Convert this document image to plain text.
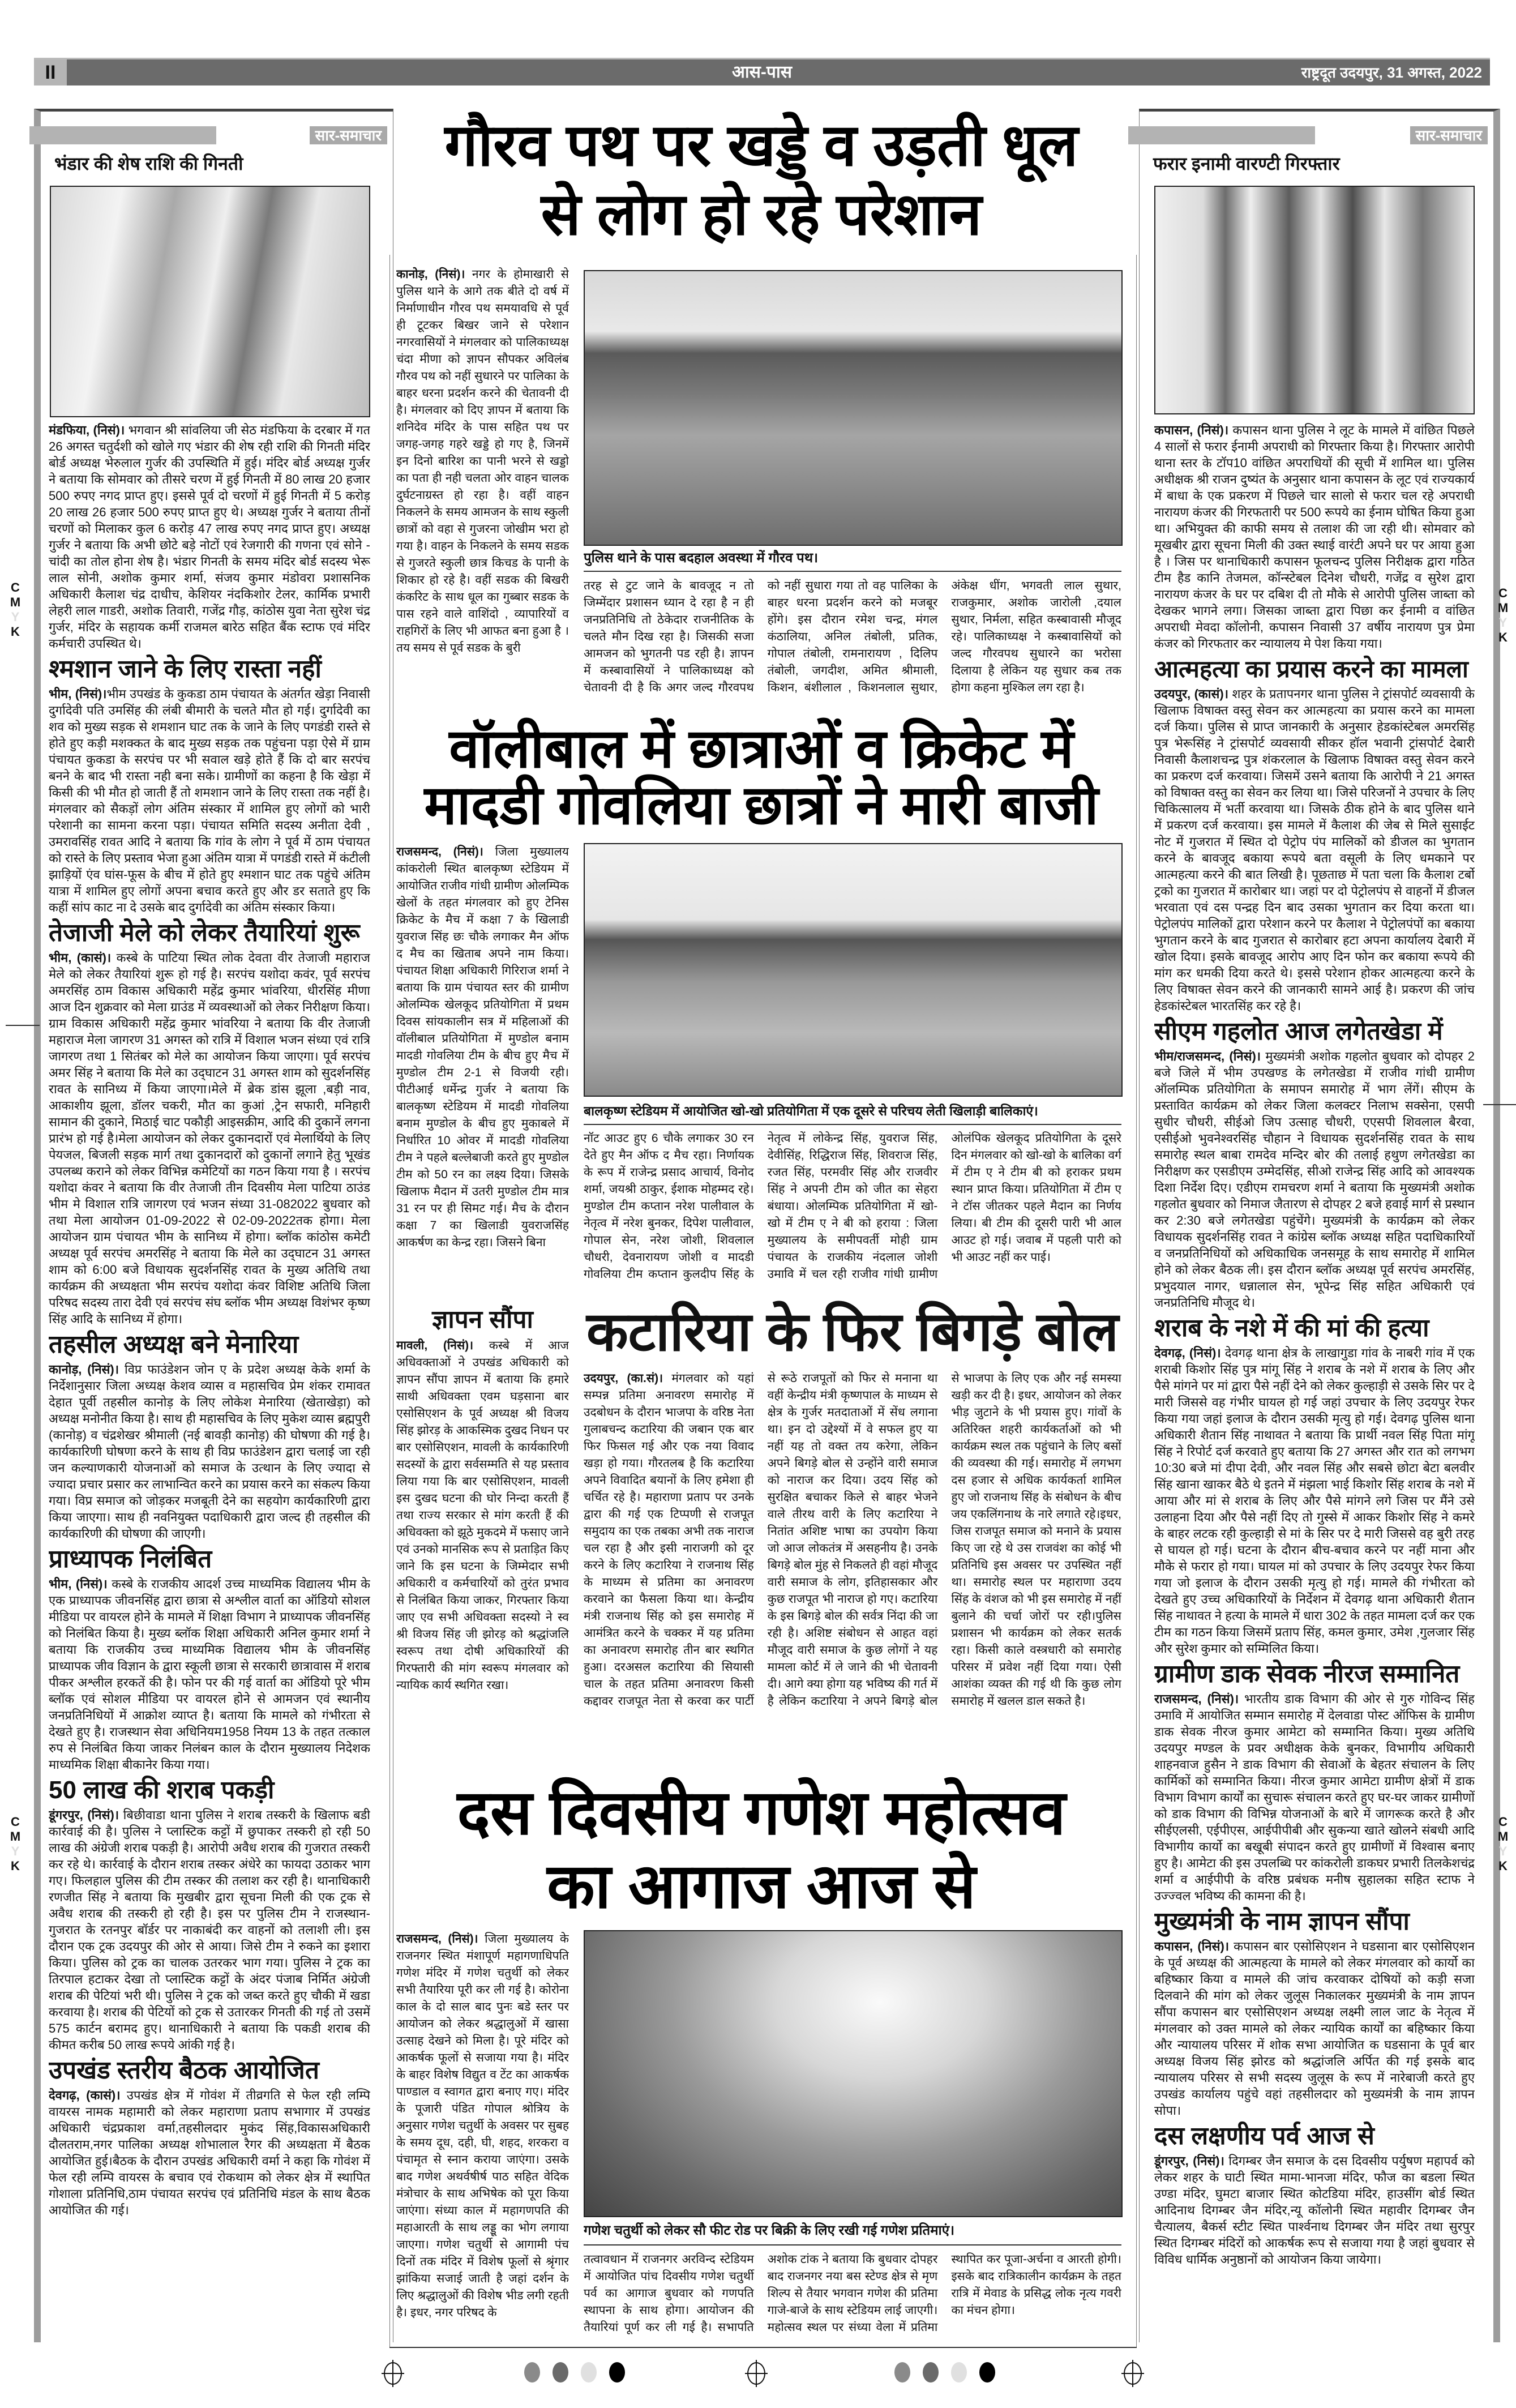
II	आस-पास	राष्ट्रदूत उदयपुर, 31 अगस्त, 2022
सार-समाचार
भंडार की शेष राशि की गिनती

मंडफिया, (निसं)। भगवान श्री सांवलिया जी सेठ मंडफिया के दरबार में गत 26 अगस्त चतुर्दशी को खोले गए भंडार की शेष रही राशि की गिनती मंदिर बोर्ड अध्यक्ष भेरुलाल गुर्जर की उपस्थिति में हुई। मंदिर बोर्ड अध्यक्ष गुर्जर ने बताया कि सोमवार को तीसरे चरण में हुई गिनती में 80 लाख 20 हजार 500 रुपए नगद प्राप्त हुए। इससे पूर्व दो चरणों में हुई गिनती में 5 करोड़ 20 लाख 26 हजार 500 रुपए प्राप्त हुए थे। अध्यक्ष गुर्जर ने बताया तीनों चरणों को मिलाकर कुल 6 करोड़ 47 लाख रुपए नगद प्राप्त हुए। अध्यक्ष गुर्जर ने बताया कि अभी छोटे बड़े नोटों एवं रेजगारी की गणना एवं सोने - चांदी का तोल होना शेष है। भंडार गिनती के समय मंदिर बोर्ड सदस्य भेरू लाल सोनी, अशोक कुमार शर्मा, संजय कुमार मंडोवरा प्रशासनिक अधिकारी कैलाश चंद्र दाधीच, केशियर नंदकिशोर टेलर, कार्मिक प्रभारी लेहरी लाल गाडरी, अशोक तिवारी, गजेंद्र गौड़, कांठोस युवा नेता सुरेश चंद्र गुर्जर, मंदिर के सहायक कर्मी राजमल बारेठ सहित बैंक स्टाफ एवं मंदिर कर्मचारी उपस्थित थे।

श्मशान जाने के लिए रास्ता नहीं

भीम, (निसं)।भीम उपखंड के कुकडा ठाम पंचायत के अंतर्गत खेड़ा निवासी दुर्गादेवी पति उमसिंह की लंबी बीमारी के चलते मौत हो गई। दुर्गादेवी का शव को मुख्य सड़क से शमशान घाट तक के जाने के लिए पगडंडी रास्ते से होते हुए कड़ी मशक्कत के बाद मुख्य सड़क तक पहुंचना पड़ा ऐसे में ग्राम पंचायत कुकडा के सरपंच पर भी सवाल खड़े होते हैं कि दो बार सरपंच बनने के बाद भी रास्ता नही बना सके। ग्रामीणों का कहना है कि खेड़ा में किसी की भी मौत हो जाती हैं तो शमशान जाने के लिए रास्ता तक नहीं है।मंगलवार को सैकड़ों लोग अंतिम संस्कार में शामिल हुए लोगों को भारी परेशानी का सामना करना पड़ा। पंचायत समिति सदस्य अनीता देवी , उमरावसिंह रावत आदि ने बताया कि गांव के लोग ने पूर्व में ठाम पंचायत को रास्ते के लिए प्रस्ताव भेजा हुआ अंतिम यात्रा में पगडंडी रास्ते में कंटीली झाड़ियों एंव घांस-फूस के बीच में होते हुए श्मशान घाट तक पहुंचे अंतिम यात्रा में शामिल हुए लोगों अपना बचाव करते हुए और डर सताते हुए कि कहीं सांप काट ना दे उसके बाद दुर्गादेवी का अंतिम संस्कार किया।

तेजाजी मेले को लेकर तैयारियां शुरू

भीम, (कासं)। कस्बे के पाटिया स्थित लोक देवता वीर तेजाजी महाराज मेले को लेकर तैयारियां शुरू हो गई है। सरपंच यशोदा कवंर, पूर्व सरपंच अमरसिंह ठाम विकास अधिकारी महेंद्र कुमार भांवरिया, धीरसिंह मीणा आज दिन शुक्रवार को मेला ग्राउंड में व्यवस्थाओं को लेकर निरीक्षण किया। ग्राम विकास अधिकारी महेंद्र कुमार भांवरिया ने बताया कि वीर तेजाजी महाराज मेला जागरण 31 अगस्त को रात्रि में विशाल भजन संध्या एवं रात्रि जागरण तथा 1 सितंबर को मेले का आयोजन किया जाएगा। पूर्व सरपंच अमर सिंह ने बताया कि मेले का उद्‌घाटन 31 अगस्त शाम को सुदर्शनसिंह रावत के सानिध्य में किया जाएगा।मेले में ब्रेक डांस झूला ,बड़ी नाव, आकाशीय झूला, डॉलर चकरी, मौत का कुआं ,ट्रेन सफारी, मनिहारी सामान की दुकाने, मिठाई चाट पकौड़ी आइसक्रीम, आदि की दुकानें लगना प्रारंभ हो गई है।मेला आयोजन को लेकर दुकानदारों एवं मेलार्थियो के लिए पेयजल, बिजली सड़क मार्ग तथा दुकानदारों को दुकानों लगाने हेतु भूखंड उपलब्ध कराने को लेकर विभिन्न कमेटियों का गठन किया गया है । सरपंच यशोदा कंवर ने बताया कि वीर तेजाजी तीन दिवसीय मेला पाटिया ठाउंड भीम मे विशाल रात्रि जागरण एवं भजन संध्या 31-082022 बुधवार को तथा मेला आयोजन 01-09-2022 से 02-09-2022तक होगा। मेला आयोजन ग्राम पंचायत भीम के सानिध्य में होगा। ब्लॉक कांठोस कमेटी अध्यक्ष पूर्व सरपंच अमरसिंह ने बताया कि मेले का उद्‌घाटन 31 अगस्त शाम को 6:00 बजे विधायक सुदर्शनसिंह रावत के मुख्य अतिथि तथा कार्यक्रम की अध्यक्षता भीम सरपंच यशोदा कंवर विशिष्ट अतिथि जिला परिषद सदस्य तारा देवी एवं सरपंच संघ ब्लॉक भीम अध्यक्ष विशंभर कृष्ण सिंह आदि के सानिध्य में होगा।

तहसील अध्यक्ष बने मेनारिया

कानोड़, (निसं)। विप्र फाउंडेशन जोन ए के प्रदेश अध्यक्ष केके शर्मा के निर्देशानुसार जिला अध्यक्ष केशव व्यास व महासचिव प्रेम शंकर रामावत देहात पूर्वी तहसील कानोड़ के लिए लोकेश मेनारिया (खेताखेड़ा) को अध्यक्ष मनोनीत किया है। साथ ही महासचिव के लिए मुकेश व्यास ब्रह्मपुरी (कानोड़) व चंद्रशेखर श्रीमाली (नई बावड़ी कानोड़) की घोषणा की गई है। कार्यकारिणी घोषणा करने के साथ ही विप्र फाउंडेशन द्वारा चलाई जा रही जन कल्याणकारी योजनाओं को समाज के उत्थान के लिए ज्यादा से ज्यादा प्रचार प्रसार कर लाभान्वित करने का प्रयास करने का संकल्प किया गया। विप्र समाज को जोड़कर मजबूती देने का सहयोग कार्यकारिणी द्वारा किया जाएगा। साथ ही नवनियुक्त पदाधिकारी द्वारा जल्द ही तहसील की कार्यकारिणी की घोषणा की जाएगी।

प्राध्यापक निलंबित

भीम, (निसं)। कस्बे के राजकीय आदर्श उच्च माध्यमिक विद्यालय भीम के एक प्राध्यापक जीवनसिंह द्वारा छात्रा से अश्लील वार्ता का ऑडियो सोशल मीडिया पर वायरल होने के मामले में शिक्षा विभाग ने प्राध्यापक जीवनसिंह को निलंबित किया है। मुख्य ब्लॉक शिक्षा अधिकारी अनिल कुमार शर्मा ने बताया कि राजकीय उच्च माध्यमिक विद्यालय भीम के जीवनसिंह प्राध्यापक जीव विज्ञान के द्वारा स्कूली छात्रा से सरकारी छात्रावास में शराब पीकर अश्लील हरकतें की है। फोन पर की गई वार्ता का ऑडियो पूरे भीम ब्लॉक एवं सोशल मीडिया पर वायरल होने से आमजन एवं स्थानीय जनप्रतिनिधियों में आक्रोश व्याप्त है। बताया कि मामले को गंभीरता से देखते हुए है। राजस्थान सेवा अधिनियम1958 नियम 13 के तहत तत्काल रुप से निलंबित किया जाकर निलंबन काल के दौरान मुख्यालय निदेशक माध्यमिक शिक्षा बीकानेर किया गया।

50 लाख की शराब पकड़ी

डूंगरपुर, (निसं)। बिछीवाडा थाना पुलिस ने शराब तस्करी के खिलाफ बडी कार्रवाई की है। पुलिस ने प्लास्टिक कट्टों में छुपाकर तस्करी हो रही 50 लाख की अंग्रेजी शराब पकड़ी है। आरोपी अवैध शराब की गुजरात तस्करी कर रहे थे। कार्रवाई के दौरान शराब तस्कर अंधेरे का फायदा उठाकर भाग गए। फिलहाल पुलिस की टीम तस्कर की तलाश कर रही है। थानाधिकारी रणजीत सिंह ने बताया कि मुखबीर द्वारा सूचना मिली की एक ट्रक से अवैध शराब की तस्करी हो रही है। इस पर पुलिस टीम ने राजस्थान-गुजरात के रतनपुर बॉर्डर पर नाकाबंदी कर वाहनों को तलाशी ली। इस दौरान एक ट्रक उदयपुर की ओर से आया। जिसे टीम ने रुकने का इशारा किया। पुलिस को ट्रक का चालक उतरकर भाग गया। पुलिस ने ट्रक का तिरपाल हटाकर देखा तो प्लास्टिक कट्टों के अंदर पंजाब निर्मित अंग्रेजी शराब की पेटियां भरी थी। पुलिस ने ट्रक को जब्त करते हुए चौकी में खडा करवाया है। शराब की पेटियों को ट्रक से उतारकर गिनती की गई तो उसमें 575 कार्टन बरामद हुए। थानाधिकारी ने बताया कि पकडी शराब की कीमत करीब 50 लाख रूपये आंकी गई है।

उपखंड स्तरीय बैठक आयोजित

देवगढ़, (कासं)। उपखंड क्षेत्र में गोवंश में तीव्रगति से फेल रही लम्पि वायरस नामक महामारी को लेकर महाराणा प्रताप सभागार में उपखंड अधिकारी चंद्रप्रकाश वर्मा,तहसीलदार मुकंद सिंह,विकासअधिकारी दौलतराम,नगर पालिका अध्यक्ष शोभालाल रैगर की अध्यक्षता में बैठक आयोजित हुई।बैठक के दौरान उपखंड अधिकारी वर्मा ने कहा कि गोवंश में फेल रही लम्पि वायरस के बचाव एवं रोकथाम को लेकर क्षेत्र में स्थापित गोशाला प्रतिनिधि,ठाम पंचायत सरपंच एवं प्रतिनिधि मंडल के साथ बैठक आयोजित की गई।

सार-समाचार
फरार इनामी वारण्टी गिरफ्तार

कपासन, (निसं)। कपासन थाना पुलिस ने लूट के मामले में वांछित पिछले 4 सालों से फरार ईनामी अपराधी को गिरफ्तार किया है। गिरफ्तार आरोपी थाना स्तर के टॉप10 वांछित अपराधियों की सूची में शामिल था। पुलिस अधीक्षक श्री राजन दुष्यंत के अनुसार थाना कपासन के लूट एवं राज्यकार्य में बाधा के एक प्रकरण में पिछले चार सालो से फरार चल रहे अपराधी नारायण कंजर की गिरफतारी पर 500 रूपये का ईनाम घोषित किया हुआ था। अभियुक्त की काफी समय से तलाश की जा रही थी। सोमवार को मूखबीर द्वारा सूचना मिली की उक्त स्थाई वारंटी अपने घर पर आया हुआ है । जिस पर थानाधिकारी कपासन फूलचन्द पुलिस निरीक्षक द्वारा गठित टीम हैड कानि तेजमल, कॉन्स्टेबल दिनेश चौधरी, गजेंद्र व सुरेश द्वारा नारायण कंजर के घर पर दबिश दी तो मौके से आरोपी पुलिस जाब्ता को देखकर भागने लगा। जिसका जाब्ता द्वारा पिछा कर ईनामी व वांछित अपराधी मेवदा कॉलोनी, कपासन निवासी 37 वर्षीय नारायण पुत्र प्रेमा कंजर को गिरफतार कर न्यायालय मे पेश किया गया।

आत्महत्या का प्रयास करने का मामला

उदयपुर, (कासं)। शहर के प्रतापनगर थाना पुलिस ने ट्रांसपोर्ट व्यवसायी के खिलाफ विषाक्त वस्तु सेवन कर आत्महत्या का प्रयास करने का मामला दर्ज किया। पुलिस से प्राप्त जानकारी के अनुसार हेडकांस्टेबल अमरसिंह पुत्र भेरूसिंह ने ट्रांसपोर्ट व्यवसायी सीकर हॉल भवानी ट्रांसपोर्ट देबारी निवासी कैलाशचन्द्र पुत्र शंकरलाल के खिलाफ विषाक्त वस्तु सेवन करने का प्रकरण दर्ज करवाया। जिसमें उसने बताया कि आरोपी ने 21 अगस्त को विषाक्त वस्तु का सेवन कर लिया था। जिसे परिजनों ने उपचार के लिए चिकित्सालय में भर्ती करवाया था। जिसके ठीक होने के बाद पुलिस थाने में प्रकरण दर्ज करवाया। इस मामले में कैलाश की जेब से मिले सुसाईट नोट में गुजरात में स्थित दो पेट्रोप पंप मालिकों को डीजल का भुगतान करने के बावजूद बकाया रूपये बता वसूली के लिए धमकाने पर आत्महत्या करने की बात लिखी है। पूछताछ में पता चला कि कैलाश टर्बो ट्रको का गुजरात में कारोबार था। जहां पर दो पेट्रोलपंप से वाहनों में डीजल भरवाता एवं दस पन्द्रह दिन बाद उसका भुगतान कर दिया करता था। पेट्रोलपंप मालिकों द्वारा परेशान करने पर कैलाश ने पेट्रोलपंपों का बकाया भुगतान करने के बाद गुजरात से कारोबार हटा अपना कार्यालय देबारी में खोल दिया। इसके बावजूद आरोप आए दिन फोन कर बकाया रूपये की मांग कर धमकी दिया करते थे। इससे परेशान होकर आत्महत्या करने के लिए विषाक्त सेवन करने की जानकारी सामने आई है। प्रकरण की जांच हेडकांस्टेबल भारतसिंह कर रहे है।

सीएम गहलोत आज लगेतखेडा में

भीम/राजसमन्द, (निसं)। मुख्यमंत्री अशोक गहलोत बुधवार को दोपहर 2 बजे जिले में भीम उपखण्ड के लगेतखेडा में राजीव गांधी ग्रामीण ऑलम्पिक प्रतियोगिता के समापन समारोह में भाग लेंगें। सीएम के प्रस्तावित कार्यक्रम को लेकर जिला कलक्टर निलाभ सक्सेना, एसपी सुधीर चौधरी, सीईओ जिप उत्साह चौधरी, एएसपी शिवलाल बैरवा, एसीईओ भुवनेश्वरसिंह चौहान ने विधायक सुदर्शनसिंह रावत के साथ समारोह स्थल बाबा रामदेव मन्दिर बोर की तलाई हथुण लगेतखेडा का निरीक्षण कर एसडीएम उम्मेदसिंह, सीओ राजेन्द्र सिंह आदि को आवश्यक दिशा निर्देश दिए। एडीएम रामचरण शर्मा ने बताया कि मुख्यमंत्री अशोक गहलोत बुधवार को निमाज जैतारण से दोपहर 2 बजे हवाई मार्ग से प्रस्थान कर 2:30 बजे लगेतखेडा पहुंचेंगे। मुख्यमंत्री के कार्यक्रम को लेकर विधायक सुदर्शनसिंह रावत ने कांग्रेस ब्लॉक अध्यक्ष सहित पदाधिकारियों व जनप्रतिनिधियों को अधिकाधिक जनसमूह के साथ समारोह में शामिल होने को लेकर बैठक ली। इस दौरान ब्लॉक अध्यक्ष पूर्व सरपंच अमरसिंह, प्रभुदयाल नागर, धन्नालाल सेन, भूपेन्द्र सिंह सहित अधिकारी एवं जनप्रतिनिधि मौजूद थे।

शराब के नशे में की मां की हत्या

देवगढ़, (निसं)। देवगढ़ थाना क्षेत्र के लाखागुडा गांव के नाबरी गांव में एक शराबी किशोर सिंह पुत्र मांगू सिंह ने शराब के नशे में शराब के लिए और पैसे मांगने पर मां द्वारा पैसे नहीं देने को लेकर कुल्हाड़ी से उसके सिर पर दे मारी जिससे वह गंभीर घायल हो गई जहां उपचार के लिए उदयपुर रेफर किया गया जहां इलाज के दौरान उसकी मृत्यु हो गई। देवगढ़ पुलिस थाना अधिकारी शैतान सिंह नाथावत ने बताया कि प्रार्थी नवल सिंह पिता मांगू सिंह ने रिपोर्ट दर्ज करवाते हुए बताया कि 27 अगस्त और रात को लगभग 10:30 बजे मां दीपा देवी, और नवल सिंह और सबसे छोटा बेटा बलवीर सिंह खाना खाकर बैठे थे इतने में मंझला भाई किशोर सिंह शराब के नशे में आया और मां से शराब के लिए और पैसे मांगने लगे जिस पर मैंने उसे उलाहना दिया और पैसे नहीं दिए तो गुस्से में आकर किशोर सिंह ने कमरे के बाहर लटक रही कुल्हाड़ी से मां के सिर पर दे मारी जिससे वह बुरी तरह से घायल हो गई। घटना के दौरान बीच-बचाव करने पर नहीं माना और मौके से फरार हो गया। घायल मां को उपचार के लिए उदयपुर रेफर किया गया जो इलाज के दौरान उसकी मृत्यु हो गई। मामले की गंभीरता को देखते हुए उच्च अधिकारियों के निर्देशन में देवगढ़ थाना अधिकारी शैतान सिंह नाथावत ने हत्या के मामले में धारा 302 के तहत मामला दर्ज कर एक टीम का गठन किया जिसमें प्रताप सिंह, कमल कुमार, उमेश ,गुलजार सिंह और सुरेश कुमार को सम्मिलित किया।

ग्रामीण डाक सेवक नीरज सम्मानित

राजसमन्द, (निसं)। भारतीय डाक विभाग की ओर से गुरु गोविन्द सिंह उमावि में आयोजित सम्मान समारोह में देलवाडा पोस्ट ऑफिस के ग्रामीण डाक सेवक नीरज कुमार आमेटा को सम्मानित किया। मुख्य अतिथि उदयपुर मण्डल के प्रवर अधीक्षक केके बुनकर, विभागीय अधिकारी शाहनवाज हुसैन ने डाक विभाग की सेवाओं के बेहतर संचालन के लिए कार्मिकों को सम्मानित किया। नीरज कुमार आमेटा ग्रामीण क्षेत्रों में डाक विभाग विभाग कार्यों का सुचारू संचालन करते हुए घर-घर जाकर ग्रामीणों को डाक विभाग की विभिन्न योजनाओं के बारे में जागरूक करते है और सीईएलसी, एईपीएस, आईपीपीबी और सुकन्या खाते खोलने संबधी आदि विभागीय कार्यो का बखूबी संपादन करते हुए ग्रामीणों में विश्वास बनाए हुए है। आमेटा की इस उपलब्धि पर कांकरोली डाकघर प्रभारी तिलकेशचंद्र शर्मा व आईपीपी के वरिष्ठ प्रबंधक मनीष सुहालका सहित स्टाफ ने उज्ज्वल भविष्य की कामना की है।

मुख्यमंत्री के नाम ज्ञापन सौंपा

कपासन, (निसं)। कपासन बार एसोसिएशन ने घडसाना बार एसोसिएशन के पूर्व अध्यक्ष की आत्महत्या के मामले को लेकर मंगलवार को कार्यो का बहिष्कार किया व मामले की जांच करवाकर दोषियों को कड़ी सजा दिलवाने की मांग को लेकर जुलूस निकालकर मुख्यमंत्री के नाम ज्ञापन सौंपा कपासन बार एसोसिएशन अध्यक्ष लक्ष्मी लाल जाट के नेतृत्व में मंगलवार को उक्त मामले को लेकर न्यायिक कार्यों का बहिष्कार किया और न्यायालय परिसर में शोक सभा आयोजित क घडसाना के पूर्व बार अध्यक्ष विजय सिंह झोरड को श्रद्धांजलि अर्पित की गई इसके बाद न्यायालय परिसर से सभी सदस्य जुलूस के रूप में नारेबाजी करते हुए उपखंड कार्यालय पहुंचे वहां तहसीलदार को मुख्यमंत्री के नाम ज्ञापन सोपा।

दस लक्षणीय पर्व आज से

डूंगरपुर, (निसं)। दिगम्बर जैन समाज के दस दिवसीय पर्युषण महापर्व को लेकर शहर के घाटी स्थित मामा-भानजा मंदिर, फौज का बडला स्थित उण्डा मंदिर, घुमटा बाजार स्थित कोटडिया मंदिर, हाउसींग बोर्ड स्थित आदिनाथ दिगम्बर जैन मंदिर,न्यू कॉलोनी स्थित महावीर दिगम्बर जैन चैत्यालय, बैकर्स स्टीट स्थित पार्श्वनाथ दिगम्बर जैन मंदिर तथा सुरपुर स्थित दिगम्बर मंदिरों को आकर्षक रूप से सजाया गया है जहां बुधवार से विविध धार्मिक अनुष्ठानों को आयोजन किया जायेगा।

गौरव पथ पर खड्डे व उड़ती धूल
से लोग हो रहे परेशान
कानोड़, (निसं)। नगर के होमाखारी से पुलिस थाने के आगे तक बीते दो वर्ष में निर्माणाधीन गौरव पथ समयावधि से पूर्व ही टूटकर बिखर जाने से परेशान नगरवासियों ने मंगलवार को पालिकाध्यक्ष चंदा मीणा को ज्ञापन सौपकर अविलंब गौरव पथ को नहीं सुधारने पर पालिका के बाहर धरना प्रदर्शन करने की चेतावनी दी है। मंगलवार को दिए ज्ञापन में बताया कि शनिदेव मंदिर के पास सहित पथ पर जगह-जगह गहरे खड्डे हो गए है, जिनमें इन दिनो बारिश का पानी भरने से खड्डो का पता ही नही चलता ओर वाहन चालक दुर्घटनाग्रस्त हो रहा है। वहीं वाहन निकलने के समय आमजन के साथ स्कुली छात्रों को वहा से गुजरना जोखीम भरा हो गया है। वाहन के निकलने के समय सडक से गुजरते स्कुली छात्र किचड के पानी के शिकार हो रहे है। वहीं सडक की बिखरी कंकरिट के साथ धूल का गुब्बार सडक के पास रहने वाले वाशिंदो , व्यापारियों व राहगिरों के लिए भी आफत बना हुआ है । तय समय से पूर्व सडक के बुरी
पुलिस थाने के पास बदहाल अवस्था में गौरव पथ।
तरह से टुट जाने के बावजूद न तो जिम्मेंदार प्रशासन ध्यान दे रहा है न ही जनप्रतिनिधि तो ठेकेदार राजनीतिक के चलते मौन दिख रहा है। जिसकी सजा आमजन को भुगतनी पड रही है। ज्ञापन में कस्बावासियों ने पालिकाध्यक्ष को चेतावनी दी है कि अगर जल्द गौरवपथ को नहीं सुधारा गया तो वह पालिका के बाहर धरना प्रदर्शन करने को मजबूर होंगे। इस दौरान रमेश चन्द्र, मंगल कंठालिया, अनिल तंबोली, प्रतिक, गोपाल तंबोली, रामनारायण , दिलिप तंबोली, जगदीश, अमित श्रीमाली, किशन, बंशीलाल , किशनलाल सुथार, अंकेक्ष धींग, भगवती लाल सुथार, राजकुमार, अशोक जारोली ,दयाल सुथार, निर्मला, सहित कस्बावासी मौजूद रहे। पालिकाध्यक्ष ने कस्बावासियों को जल्द गौरवपथ सुधारने का भरोसा दिलाया है लेकिन यह सुधार कब तक होगा कहना मुश्किल लग रहा है।
वॉलीबाल में छात्राओं व क्रिकेट में
मादडी गोवलिया छात्रों ने मारी बाजी
राजसमन्द, (निसं)। जिला मुख्यालय कांकरोली स्थित बालकृष्ण स्टेडियम में आयोजित राजीव गांधी ग्रामीण ओलम्पिक खेलों के तहत मंगलवार को हुए टेनिस क्रिकेट के मैच में कक्षा 7 के खिलाडी युवराज सिंह छः चौके लगाकर मैन ऑफ द मैच का खिताब अपने नाम किया। पंचायत शिक्षा अधिकारी गिरिराज शर्मा ने बताया कि ग्राम पंचायत स्तर की ग्रामीण ओलम्पिक खेलकूद प्रतियोगिता में प्रथम दिवस सांयकालीन सत्र में महिलाओं की वॉलीबाल प्रतियोगिता में मुण्डोल बनाम मादडी गोवलिया टीम के बीच हुए मैच में मुण्डोल टीम 2-1 से विजयी रही। पीटीआई धर्मेन्द्र गुर्जर ने बताया कि बालकृष्ण स्टेडियम में मादडी गोवलिया बनाम मुण्डोल के बीच हुए मुकाबले में निर्धारित 10 ओवर में मादडी गोवलिया टीम ने पहले बल्लेबाजी करते हुए मुण्डोल टीम को 50 रन का लक्ष्य दिया। जिसके खिलाफ मैदान में उतरी मुण्डोल टीम मात्र 31 रन पर ही सिमट गई। मैच के दौरान कक्षा 7 का खिलाडी युवराजसिंह आकर्षण का केन्द्र रहा। जिसने बिना
बालकृष्ण स्टेडियम में आयोजित खो-खो प्रतियोगिता में एक दूसरे से परिचय लेती खिलाड़ी बालिकाएं।
नॉट आउट हुए 6 चौके लगाकर 30 रन देते हुए मैन ऑफ द मैच रहा। निर्णायक के रूप में राजेन्द्र प्रसाद आचार्य, विनोद शर्मा, जयश्री ठाकुर, ईशाक मोहम्मद रहे। मुण्डोल टीम कप्तान नरेश पालीवाल के नेतृत्व में नरेश बुनकर, दिपेश पालीवाल, गोपाल सेन, नरेश जोशी, शिवलाल चौधरी, देवनारायण जोशी व मादडी गोवलिया टीम कप्तान कुलदीप सिंह के नेतृत्व में लोकेन्द्र सिंह, युवराज सिंह, देवीसिंह, रिद्धिराज सिंह, शिवराज सिंह, रजत सिंह, परमवीर सिंह और राजवीर सिंह ने अपनी टीम को जीत का सेहरा बंधाया। ओलम्पिक प्रतियोगिता में खो-खो में टीम ए ने बी को हराया : जिला मुख्यालय के समीपवर्ती मोही ग्राम पंचायत के राजकीय नंदलाल जोशी उमावि में चल रही राजीव गांधी ग्रामीण ओलंपिक खेलकूद प्रतियोगिता के दूसरे दिन मंगलवार को खो-खो के बालिका वर्ग में टीम ए ने टीम बी को हराकर प्रथम स्थान प्राप्त किया। प्रतियोगिता में टीम ए ने टॉस जीतकर पहले मैदान का निर्णय लिया। बी टीम की दूसरी पारी भी आल आउट हो गई। जवाब में पहली पारी को भी आउट नहीं कर पाई।
ज्ञापन सौंपा
मावली, (निसं)। कस्बे में आज अधिवक्ताओं ने उपखंड अधिकारी को ज्ञापन सौंपा ज्ञापन में बताया कि हमारे साथी अधिवक्ता एवम घड़साना बार एसोसिएशन के पूर्व अध्यक्ष श्री विजय सिंह झोरड़ के आकस्मिक दुखद निधन पर बार एसोसिएशन, मावली के कार्यकारिणी सदस्यों के द्वारा सर्वसम्मति से यह प्रस्ताव लिया गया कि बार एसोसिएशन, मावली इस दुखद घटना की घोर निन्दा करती हैं तथा राज्य सरकार से मांग करती हैं की अधिवक्ता को झूठे मुकदमे में फसाए जाने एवं उनको मानसिक रूप से प्रताड़ित किए जाने कि इस घटना के जिम्मेदार सभी अधिकारी व कर्मचारियों को तुरंत प्रभाव से निलंबित किया जाकर, गिरफ्तार किया जाए एव सभी अधिवक्ता सदस्यो ने स्व श्री विजय सिंह जी झोरड़ को श्रद्धांजलि स्वरूप तथा दोषी अधिकारियों की गिरफ्तारी की मांग स्वरूप मंगलवार को न्यायिक कार्य स्थगित रखा।
कटारिया के फिर बिगड़े बोल
उदयपुर, (का.सं)। मंगलवार को यहां सम्पन्न प्रतिमा अनावरण समारोह में उदबोधन के दौरान भाजपा के वरिष्ठ नेता गुलाबचन्द कटारिया की जबान एक बार फिर फिसल गई और एक नया विवाद खड़ा हो गया। गौरतलब है कि कटारिया अपने विवादित बयानों के लिए हमेशा ही चर्चित रहे है। महाराणा प्रताप पर उनके द्वारा की गई एक टिप्पणी से राजपूत समुदाय का एक तबका अभी तक नाराज चल रहा है और इसी नाराजगी को दूर करने के लिए कटारिया ने राजनाथ सिंह के माध्यम से प्रतिमा का अनावरण करवाने का फैसला किया था। केन्द्रीय मंत्री राजनाथ सिंह को इस समारोह में आमंत्रित करने के चक्कर में यह प्रतिमा का अनावरण समारोह तीन बार स्थगित हुआ। दरअसल कटारिया की सियासी चाल के तहत प्रतिमा अनावरण किसी कद्दावर राजपूत नेता से करवा कर पार्टी से रूठे राजपूतों को फिर से मनाना था वहीं केन्द्रीय मंत्री कृष्णपाल के माध्यम से क्षेत्र के गुर्जर मतदाताओं में सेंध लगाना था। इन दो उद्देश्यों में वे सफल हुए या नहीं यह तो वक्त तय करेगा, लेकिन अपने बिगड़े बोल से उन्होंने वारी समाज को नाराज कर दिया। उदय सिंह को सुरक्षित बचाकर किले से बाहर भेजने वाले तीरथ वारी के लिए कटारिया ने नितांत अशिष्ट भाषा का उपयोग किया जो आज लोकतंत्र में असहनीय है। उनके बिगड़े बोल मुंह से निकलते ही वहां मौजूद वारी समाज के लोग, इतिहासकार और कुछ राजपूत भी नाराज हो गए। कटारिया के इस बिगड़े बोल की सर्वत्र निंदा की जा रही है। अशिष्ट संबोधन से आहत वहां मौजूद वारी समाज के कुछ लोगों ने यह मामला कोर्ट में ले जाने की भी चेतावनी दी। आगे क्या होगा यह भविष्य की गर्त में है लेकिन कटारिया ने अपने बिगड़े बोल से भाजपा के लिए एक और नई समस्या खड़ी कर दी है। इधर, आयोजन को लेकर भीड़ जुटाने के भी प्रयास हुए। गांवों के अतिरिक्त शहरी कार्यकर्ताओं को भी कार्यक्रम स्थल तक पहुंचाने के लिए बसों की व्यवस्था की गई। समारोह में लगभग दस हजार से अधिक कार्यकर्ता शामिल हुए जो राजनाथ सिंह के संबोधन के बीच जय एकलिंगनाथ के नारे लगाते रहे।इधर, जिस राजपूत समाज को मनाने के प्रयास किए जा रहे थे उस राजवंश का कोई भी प्रतिनिधि इस अवसर पर उपस्थित नहीं था। समारोह स्थल पर महाराणा उदय सिंह के वंशज को भी इस समारोह में नहीं बुलाने की चर्चा जोरों पर रही।पुलिस प्रशासन भी कार्यक्रम को लेकर सतर्क रहा। किसी काले वस्त्रधारी को समारोह परिसर में प्रवेश नहीं दिया गया। ऐसी आशंका व्यक्त की गई थी कि कुछ लोग समारोह में खलल डाल सकते है।
दस दिवसीय गणेश महोत्सव
का आगाज आज से
राजसमन्द, (निसं)। जिला मुख्यालय के राजनगर स्थित मंशापूर्ण महागणाधिपति गणेश मंदिर में गणेश चतुर्थी को लेकर सभी तैयारिया पूरी कर ली गई है। कोरोना काल के दो साल बाद पुनः बडे स्तर पर आयोजन को लेकर श्रद्धालुओं में खासा उत्साह देखने को मिला है। पूरे मंदिर को आकर्षक फूलों से सजाया गया है। मंदिर के बाहर विशेष विद्युत व टेंट का आकर्षक पाण्डाल व स्वागत द्वारा बनाए गए। मंदिर के पूजारी पंडित गोपाल श्रोत्रिय के अनुसार गणेश चतुर्थी के अवसर पर सुबह के समय दूध, दही, घी, शहद, शरकरा व पंचामृत से स्नान कराया जाएंगा। उसके बाद गणेश अथर्वषीर्ष पाठ सहित वेदिक मंत्रोचार के साथ अभिषेक को पूरा किया जाएंगा। संध्या काल में महागणपति की महाआरती के साथ लड्डू का भोग लगाया जाएगा। गणेश चतुर्थी से आगामी पंच दिनों तक मंदिर में विशेष फूलों से श्रृंगार झांकिया सजाई जाती है जहां दर्शन के लिए श्रद्धालुओं की विशेष भीड लगी रहती है। इधर, नगर परिषद के
गणेश चतुर्थी को लेकर सौ फीट रोड पर बिक्री के लिए रखी गई गणेश प्रतिमाएं।
तत्वावधान में राजनगर अरविन्द स्टेडियम में आयोजित पांच दिवसीय गणेश चतुर्थी पर्व का आगाज बुधवार को गणपति स्थापना के साथ होगा। आयोजन की तैयारियां पूर्ण कर ली गई है। सभापति अशोक टांक ने बताया कि बुधवार दोपहर बाद राजनगर नया बस स्टेण्ड क्षेत्र से मृण शिल्प से तैयार भगवान गणेश की प्रतिमा गाजे-बाजे के साथ स्टेडियम लाई जाएगी। महोत्सव स्थल पर संध्या वेला में प्रतिमा स्थापित कर पूजा-अर्चना व आरती होगी। इसके बाद रात्रिकालीन कार्यक्रम के तहत रात्रि में मेवाड के प्रसिद्ध लोक नृत्य गवरी का मंचन होगा।
C
M
Y
K
C
M
Y
K
C
M
Y
K
C
M
Y
K
